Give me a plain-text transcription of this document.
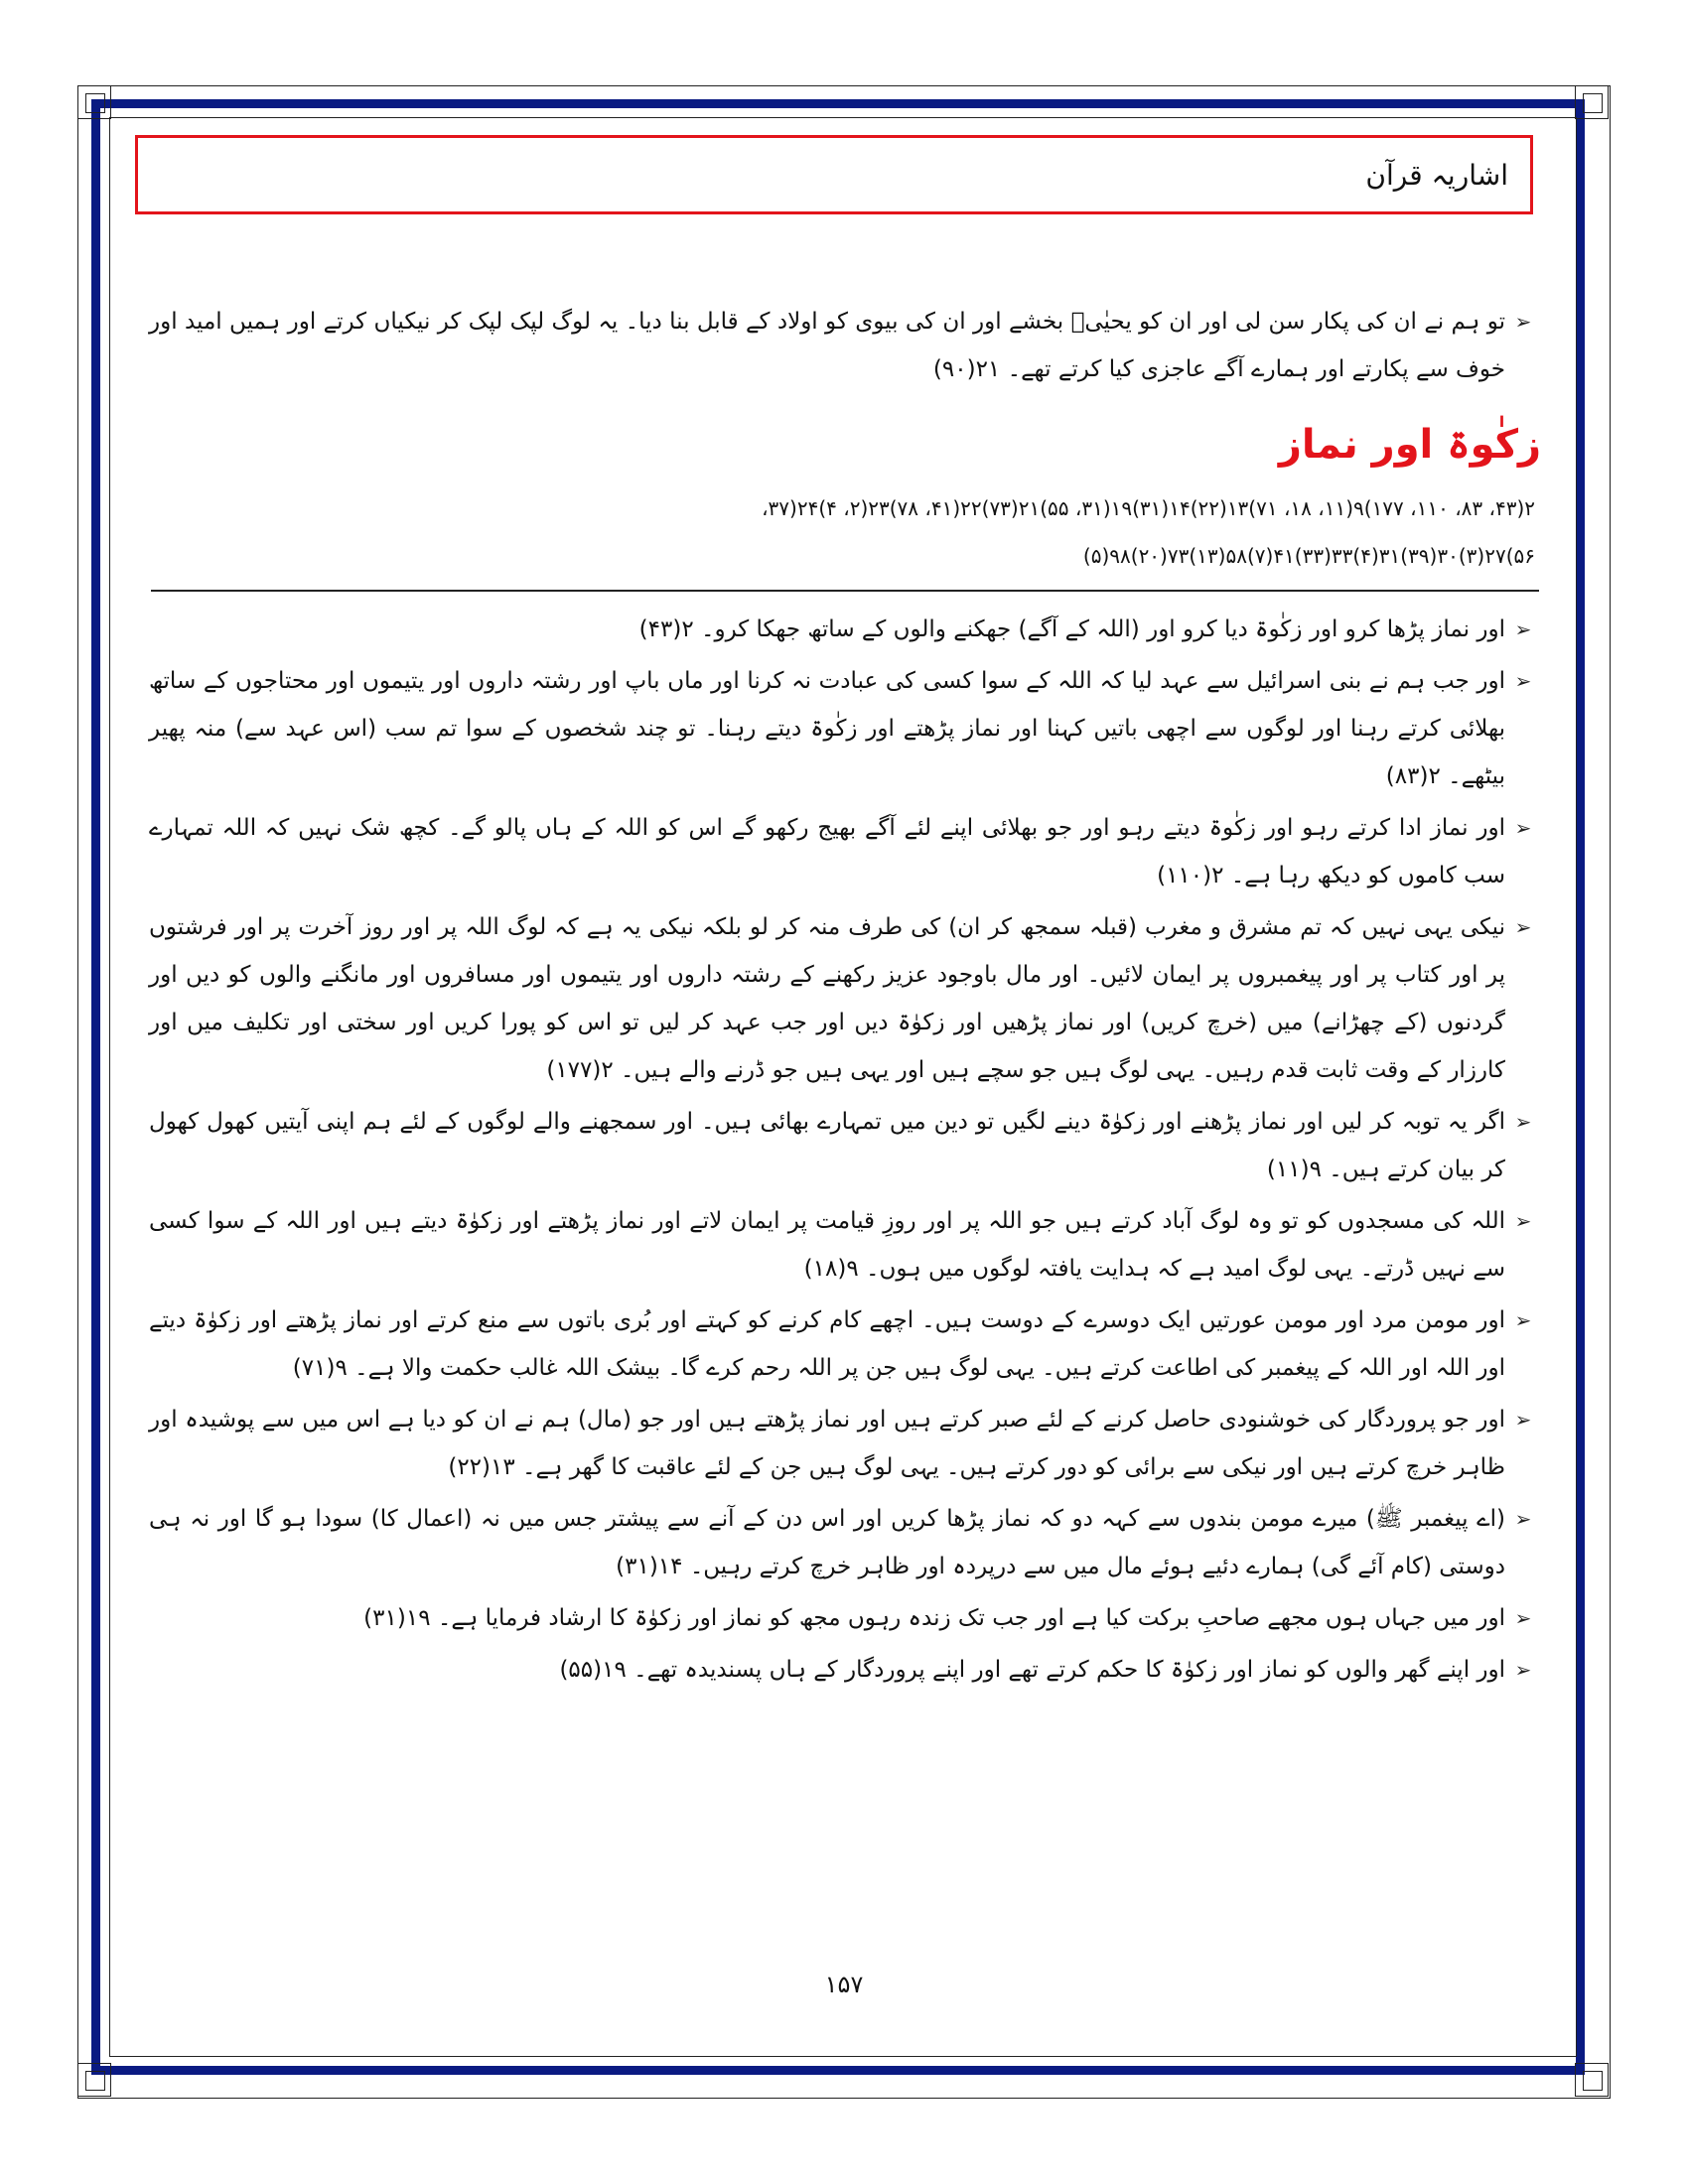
اشاریہ قرآن
➢
تو ہم نے ان کی پکار سن لی اور ان کو یحیٰیؑ بخشے اور ان کی بیوی کو اولاد کے قابل بنا دیا۔ یہ لوگ لپک لپک کر نیکیاں کرتے اور ہمیں امید اور خوف سے پکارتے اور ہمارے آگے عاجزی کیا کرتے تھے۔ ۲۱(۹۰)
زکٰوۃ اور نماز
۲(۴۳، ۸۳، ۱۱۰، ۱۷۷)۹(۱۱، ۱۸، ۷۱)۱۳(۲۲)۱۴(۳۱)۱۹(۳۱، ۵۵)۲۱(۷۳)۲۲(۴۱، ۷۸)۲۳(۲، ۴)۲۴(۳۷،
۵۶)۲۷(۳)۳۰(۳۹)۳۱(۴)۳۳(۳۳)۴۱(۷)۵۸(۱۳)۷۳(۲۰)۹۸(۵)
➢
اور نماز پڑھا کرو اور زکٰوۃ دیا کرو اور (اللہ کے آگے) جھکنے والوں کے ساتھ جھکا کرو۔ ۲(۴۳)
➢
اور جب ہم نے بنی اسرائیل سے عہد لیا کہ اللہ کے سوا کسی کی عبادت نہ کرنا اور ماں باپ اور رشتہ داروں اور یتیموں اور محتاجوں کے ساتھ بھلائی کرتے رہنا اور لوگوں سے اچھی باتیں کہنا اور نماز پڑھتے اور زکٰوۃ دیتے رہنا۔ تو چند شخصوں کے سوا تم سب (اس عہد سے) منہ پھیر بیٹھے۔ ۲(۸۳)
➢
اور نماز ادا کرتے رہو اور زکٰوۃ دیتے رہو اور جو بھلائی اپنے لئے آگے بھیج رکھو گے اس کو اللہ کے ہاں پالو گے۔ کچھ شک نہیں کہ اللہ تمہارے سب کاموں کو دیکھ رہا ہے۔ ۲(۱۱۰)
➢
نیکی یہی نہیں کہ تم مشرق و مغرب (قبلہ سمجھ کر ان) کی طرف منہ کر لو بلکہ نیکی یہ ہے کہ لوگ اللہ پر اور روز آخرت پر اور فرشتوں پر اور کتاب پر اور پیغمبروں پر ایمان لائیں۔ اور مال باوجود عزیز رکھنے کے رشتہ داروں اور یتیموں اور مسافروں اور مانگنے والوں کو دیں اور گردنوں (کے چھڑانے) میں (خرچ کریں) اور نماز پڑھیں اور زکوٰۃ دیں اور جب عہد کر لیں تو اس کو پورا کریں اور سختی اور تکلیف میں اور کارزار کے وقت ثابت قدم رہیں۔ یہی لوگ ہیں جو سچے ہیں اور یہی ہیں جو ڈرنے والے ہیں۔ ۲(۱۷۷)
➢
اگر یہ توبہ کر لیں اور نماز پڑھنے اور زکوٰۃ دینے لگیں تو دین میں تمہارے بھائی ہیں۔ اور سمجھنے والے لوگوں کے لئے ہم اپنی آیتیں کھول کھول کر بیان کرتے ہیں۔ ۹(۱۱)
➢
اللہ کی مسجدوں کو تو وہ لوگ آباد کرتے ہیں جو اللہ پر اور روزِ قیامت پر ایمان لاتے اور نماز پڑھتے اور زکوٰۃ دیتے ہیں اور اللہ کے سوا کسی سے نہیں ڈرتے۔ یہی لوگ امید ہے کہ ہدایت یافتہ لوگوں میں ہوں۔ ۹(۱۸)
➢
اور مومن مرد اور مومن عورتیں ایک دوسرے کے دوست ہیں۔ اچھے کام کرنے کو کہتے اور بُری باتوں سے منع کرتے اور نماز پڑھتے اور زکوٰۃ دیتے اور اللہ اور اللہ کے پیغمبر کی اطاعت کرتے ہیں۔ یہی لوگ ہیں جن پر اللہ رحم کرے گا۔ بیشک اللہ غالب حکمت والا ہے۔ ۹(۷۱)
➢
اور جو پروردگار کی خوشنودی حاصل کرنے کے لئے صبر کرتے ہیں اور نماز پڑھتے ہیں اور جو (مال) ہم نے ان کو دیا ہے اس میں سے پوشیدہ اور ظاہر خرچ کرتے ہیں اور نیکی سے برائی کو دور کرتے ہیں۔ یہی لوگ ہیں جن کے لئے عاقبت کا گھر ہے۔ ۱۳(۲۲)
➢
(اے پیغمبر ﷺ) میرے مومن بندوں سے کہہ دو کہ نماز پڑھا کریں اور اس دن کے آنے سے پیشتر جس میں نہ (اعمال کا) سودا ہو گا اور نہ ہی دوستی (کام آئے گی) ہمارے دئیے ہوئے مال میں سے درپردہ اور ظاہر خرچ کرتے رہیں۔ ۱۴(۳۱)
➢
اور میں جہاں ہوں مجھے صاحبِ برکت کیا ہے اور جب تک زندہ رہوں مجھ کو نماز اور زکوٰۃ کا ارشاد فرمایا ہے۔ ۱۹(۳۱)
➢
اور اپنے گھر والوں کو نماز اور زکوٰۃ کا حکم کرتے تھے اور اپنے پروردگار کے ہاں پسندیدہ تھے۔ ۱۹(۵۵)
۱۵۷
